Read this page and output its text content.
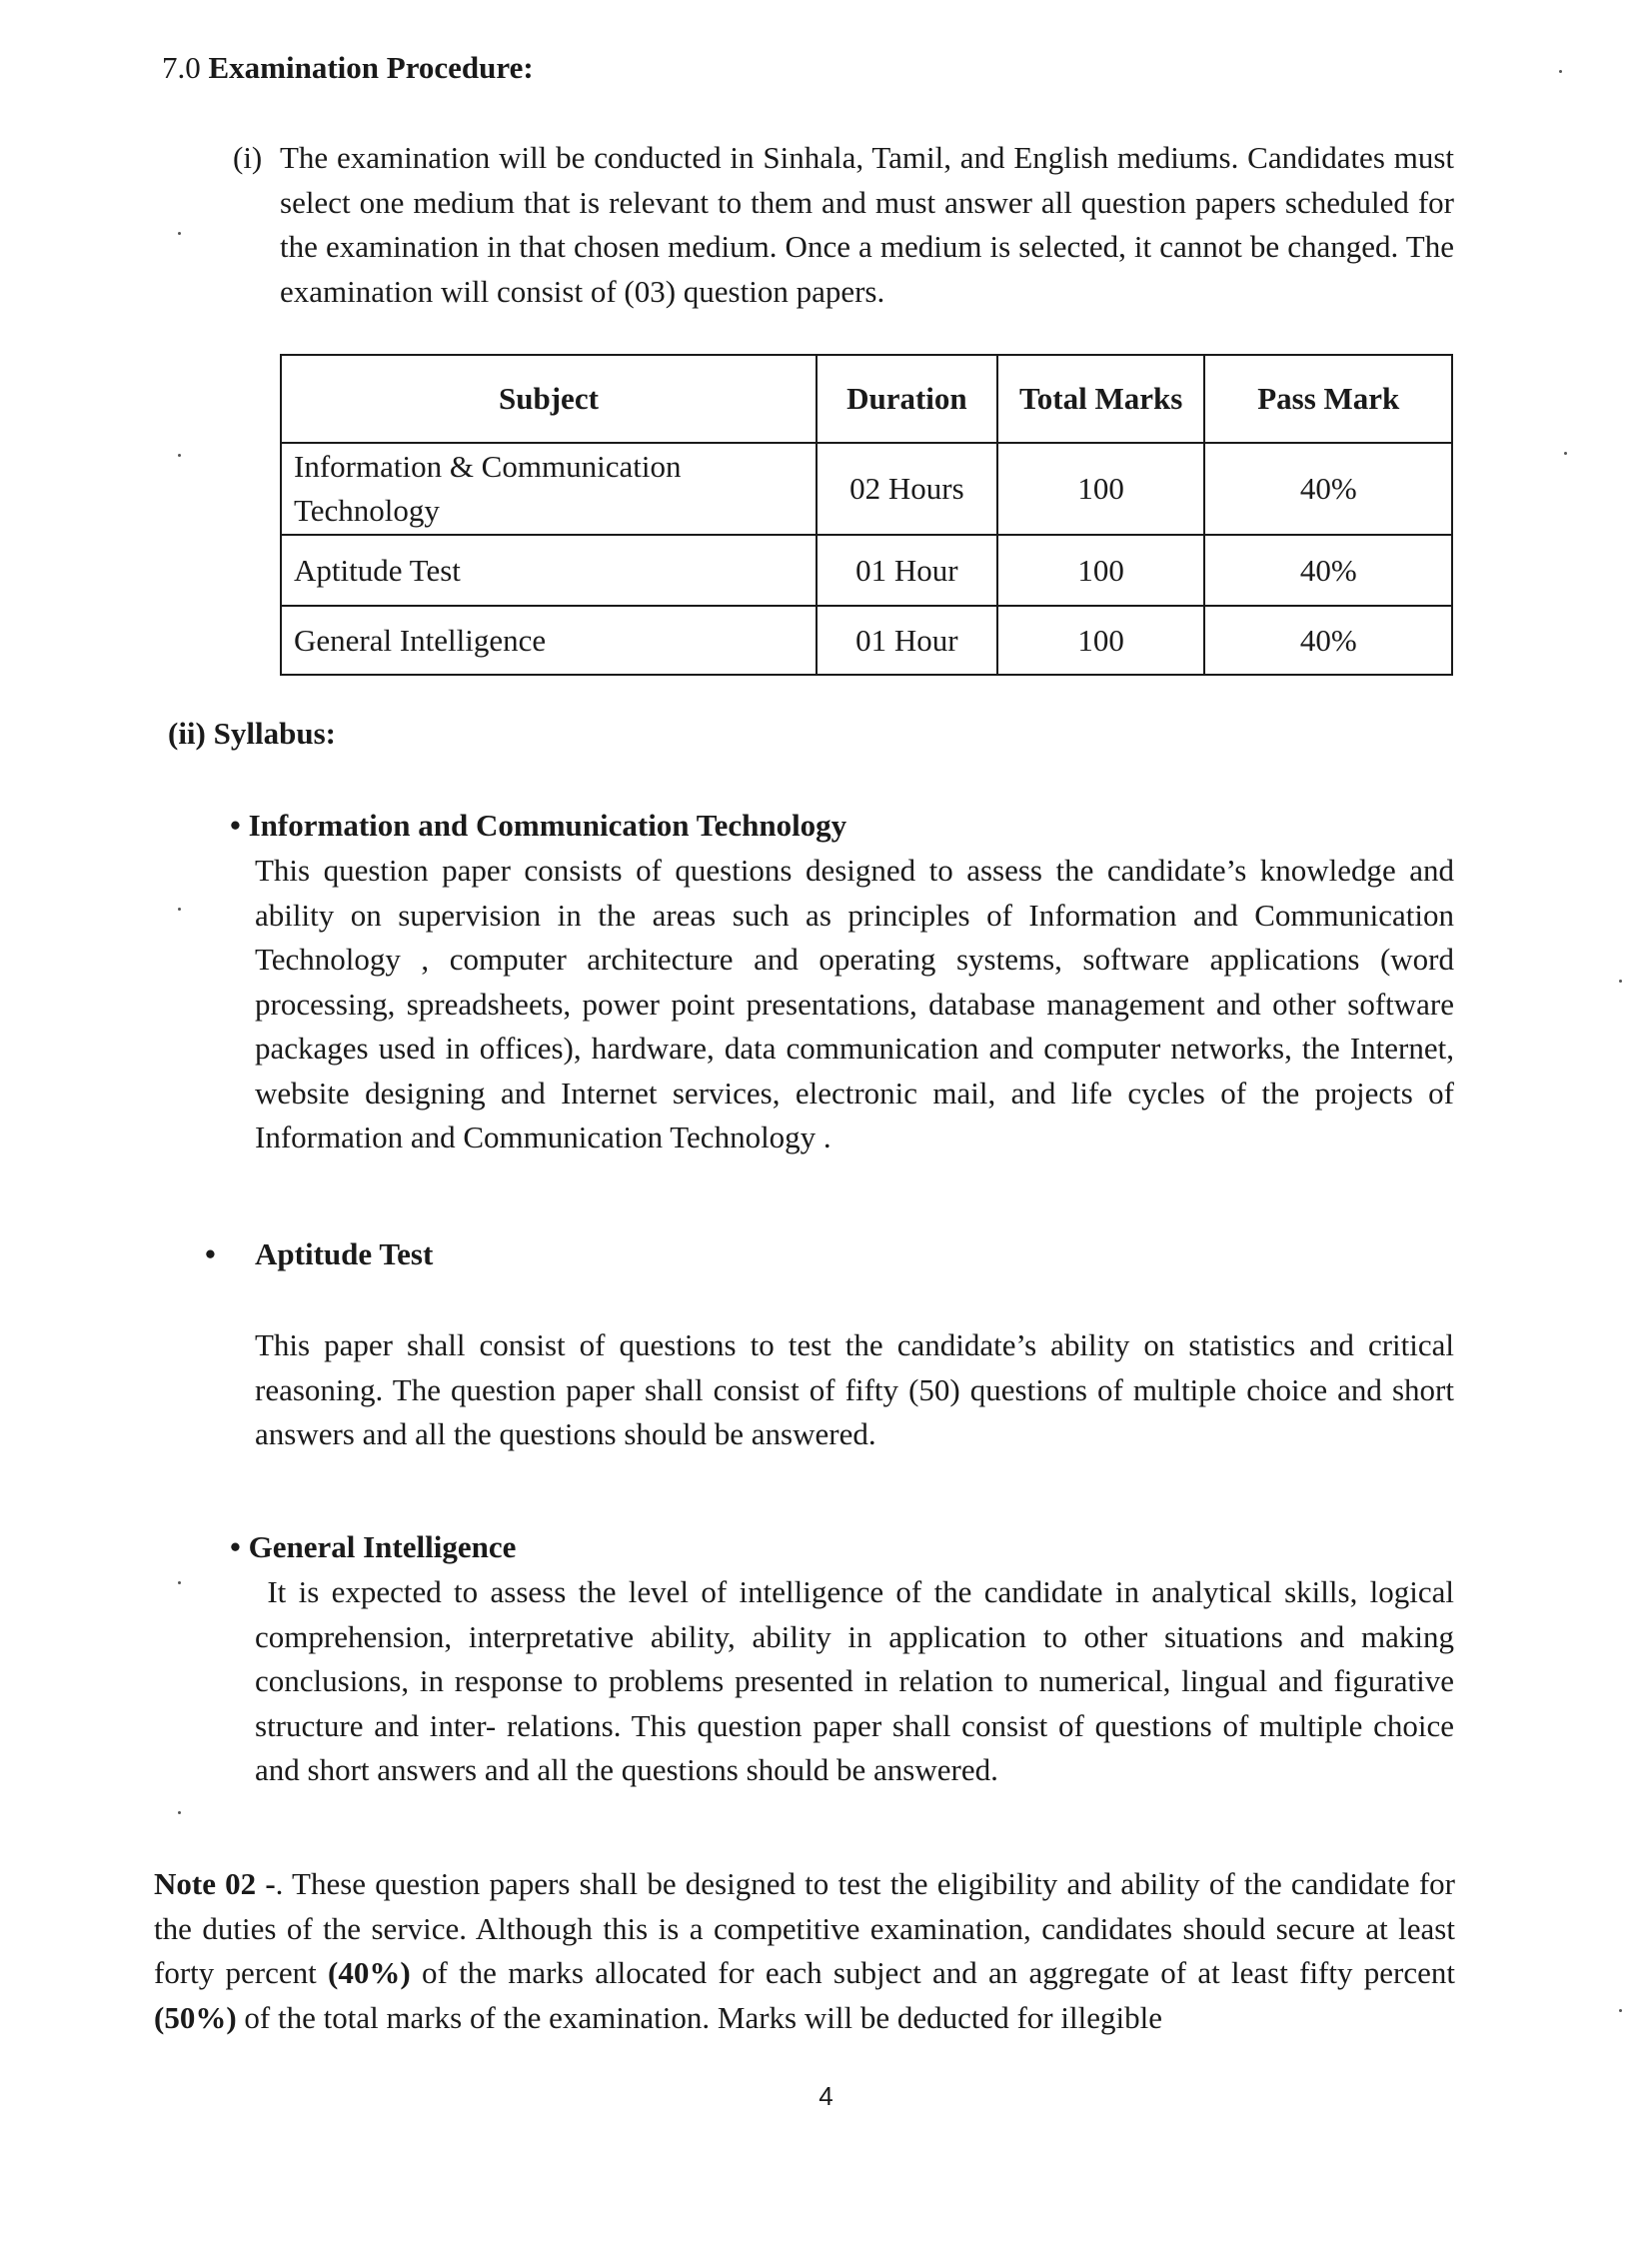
7.0 Examination Procedure:
(i) The examination will be conducted in Sinhala, Tamil, and English mediums. Candidates must select one medium that is relevant to them and must answer all question papers scheduled for the examination in that chosen medium. Once a medium is selected, it cannot be changed. The examination will consist of (03) question papers.
Subject	Duration	Total Marks	Pass Mark
Information & Communication Technology	02 Hours	100	40%
Aptitude Test	01 Hour	100	40%
General Intelligence	01 Hour	100	40%
(ii) Syllabus:
• Information and Communication Technology
This question paper consists of questions designed to assess the candidate’s knowledge and ability on supervision in the areas such as principles of Information and Communication Technology , computer architecture and operating systems, software applications (word processing, spreadsheets, power point presentations, database management and other software packages used in offices), hardware, data communication and computer networks, the Internet, website designing and Internet services, electronic mail, and life cycles of the projects of Information and Communication Technology .
• Aptitude Test
This paper shall consist of questions to test the candidate’s ability on statistics and critical reasoning. The question paper shall consist of fifty (50) questions of multiple choice and short answers and all the questions should be answered.
• General Intelligence
It is expected to assess the level of intelligence of the candidate in analytical skills, logical comprehension, interpretative ability, ability in application to other situations and making conclusions, in response to problems presented in relation to numerical, lingual and figurative structure and inter- relations. This question paper shall consist of questions of multiple choice and short answers and all the questions should be answered.
Note 02 -. These question papers shall be designed to test the eligibility and ability of the candidate for the duties of the service. Although this is a competitive examination, candidates should secure at least forty percent (40%) of the marks allocated for each subject and an aggregate of at least fifty percent (50%) of the total marks of the examination. Marks will be deducted for illegible
4
